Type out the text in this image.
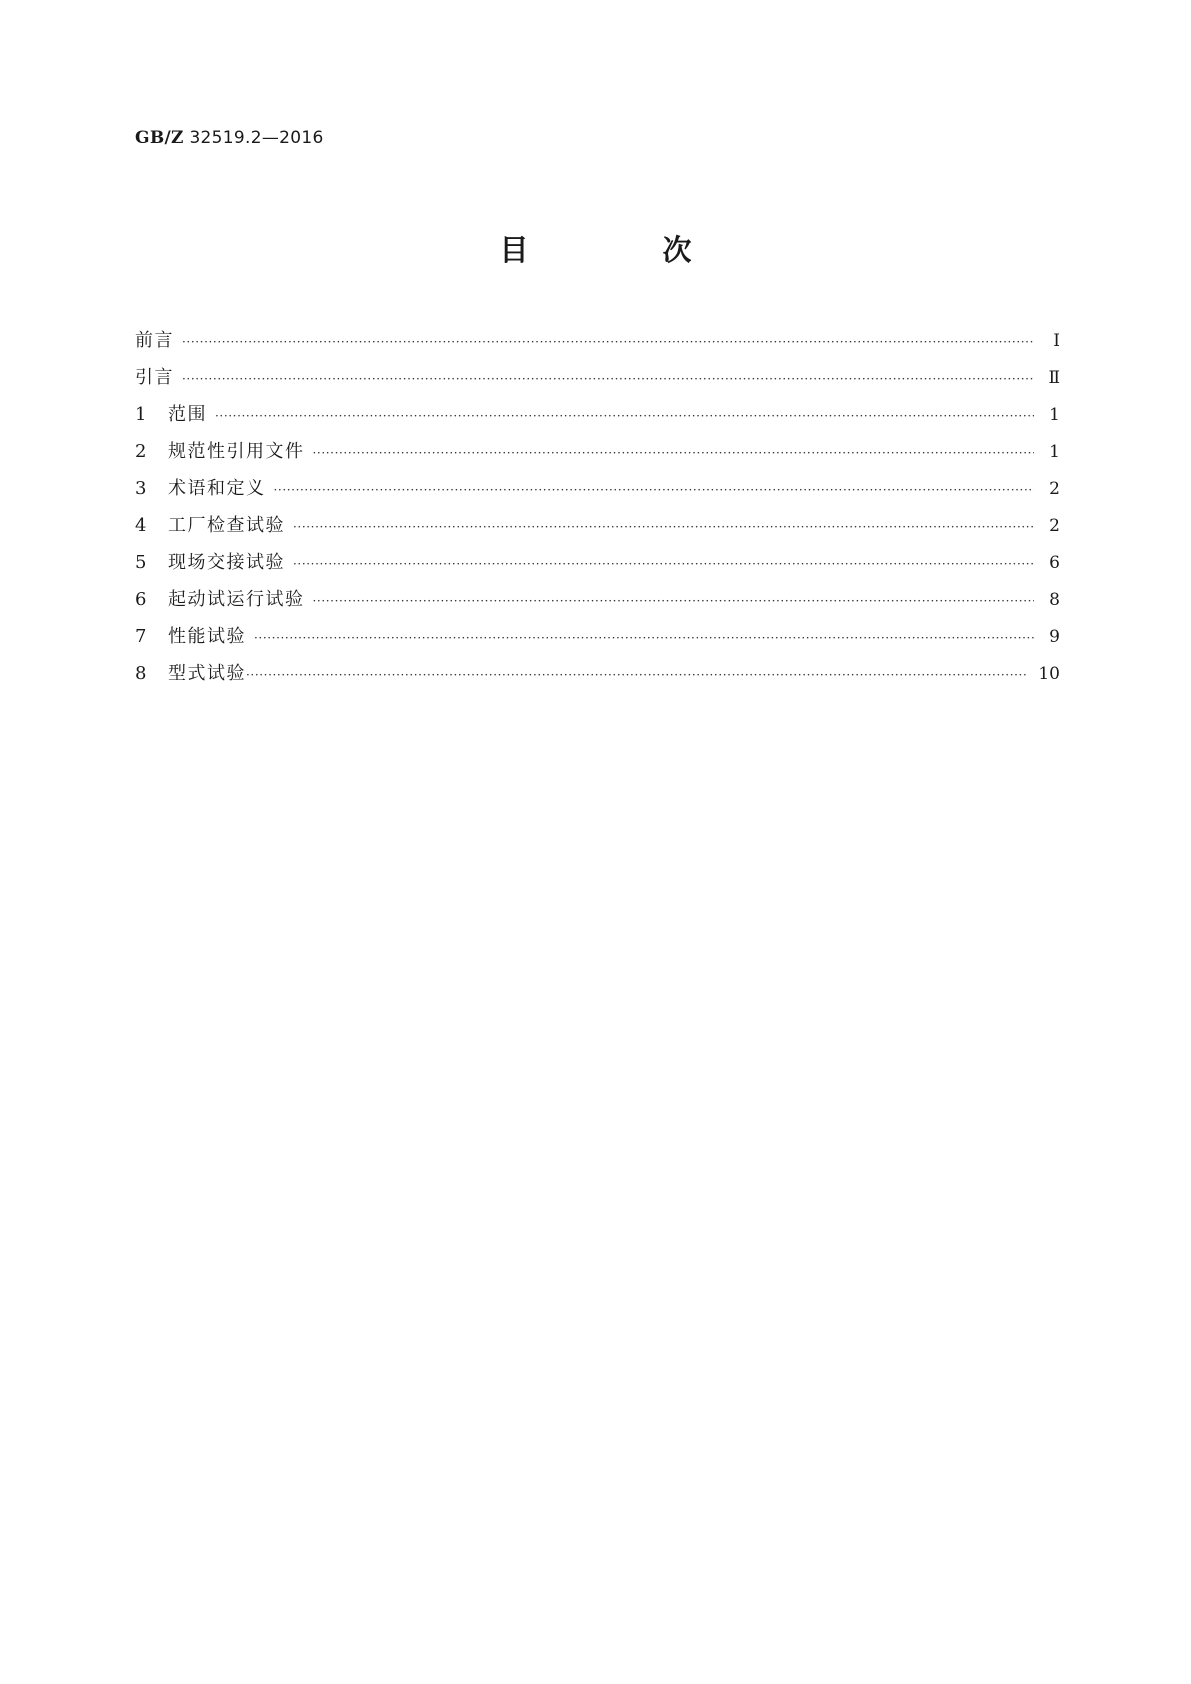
GB/Z 32519.2—2016
目 次
前言 ·····	Ⅰ
引言 ·····	Ⅱ
1	范围 ·····	1
2	规范性引用文件 ·····	1
3	术语和定义 ·····	2
4	工厂检查试验 ·····	2
5	现场交接试验 ·····	6
6	起动试运行试验 ·····	8
7	性能试验 ·····	9
8	型式试验 ·····	10
